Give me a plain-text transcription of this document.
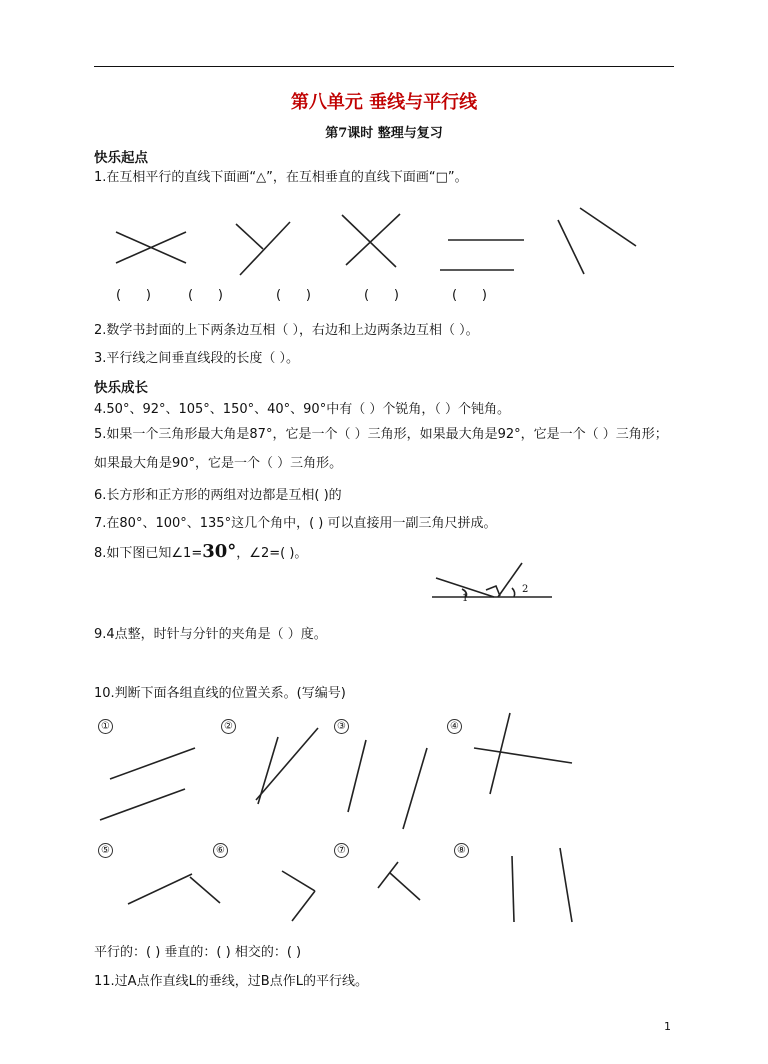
第八单元 垂线与平行线
第7课时 整理与复习
快乐起点
1.在互相平行的直线下面画“△”，在互相垂直的直线下面画“□”。
1
2
(      )	(      )	(      )	(      )	(      )
2.数学书封面的上下两条边互相（ ），右边和上边两条边互相（ ）。
3.平行线之间垂直线段的长度（ ）。
快乐成长
4.50°、92°、105°、150°、40°、90°中有（ ）个锐角，（ ）个钝角。
5.如果一个三角形最大角是87°，它是一个（ ）三角形，如果最大角是92°，它是一个（ ）三角形；如果最大角是90°，它是一个（ ）三角形。
6.长方形和正方形的两组对边都是互相( )的
7.在80°、100°、135°这几个角中，( ) 可以直接用一副三角尺拼成。
8.如下图已知∠1=30°，∠2=( )。
9.4点整，时针与分针的夹角是（ ）度。
10.判断下面各组直线的位置关系。(写编号)
①	②	③	④
⑤	⑥	⑦	⑧
平行的：( ) 垂直的：( ) 相交的：( )
11.过A点作直线L的垂线，过B点作L的平行线。
1
